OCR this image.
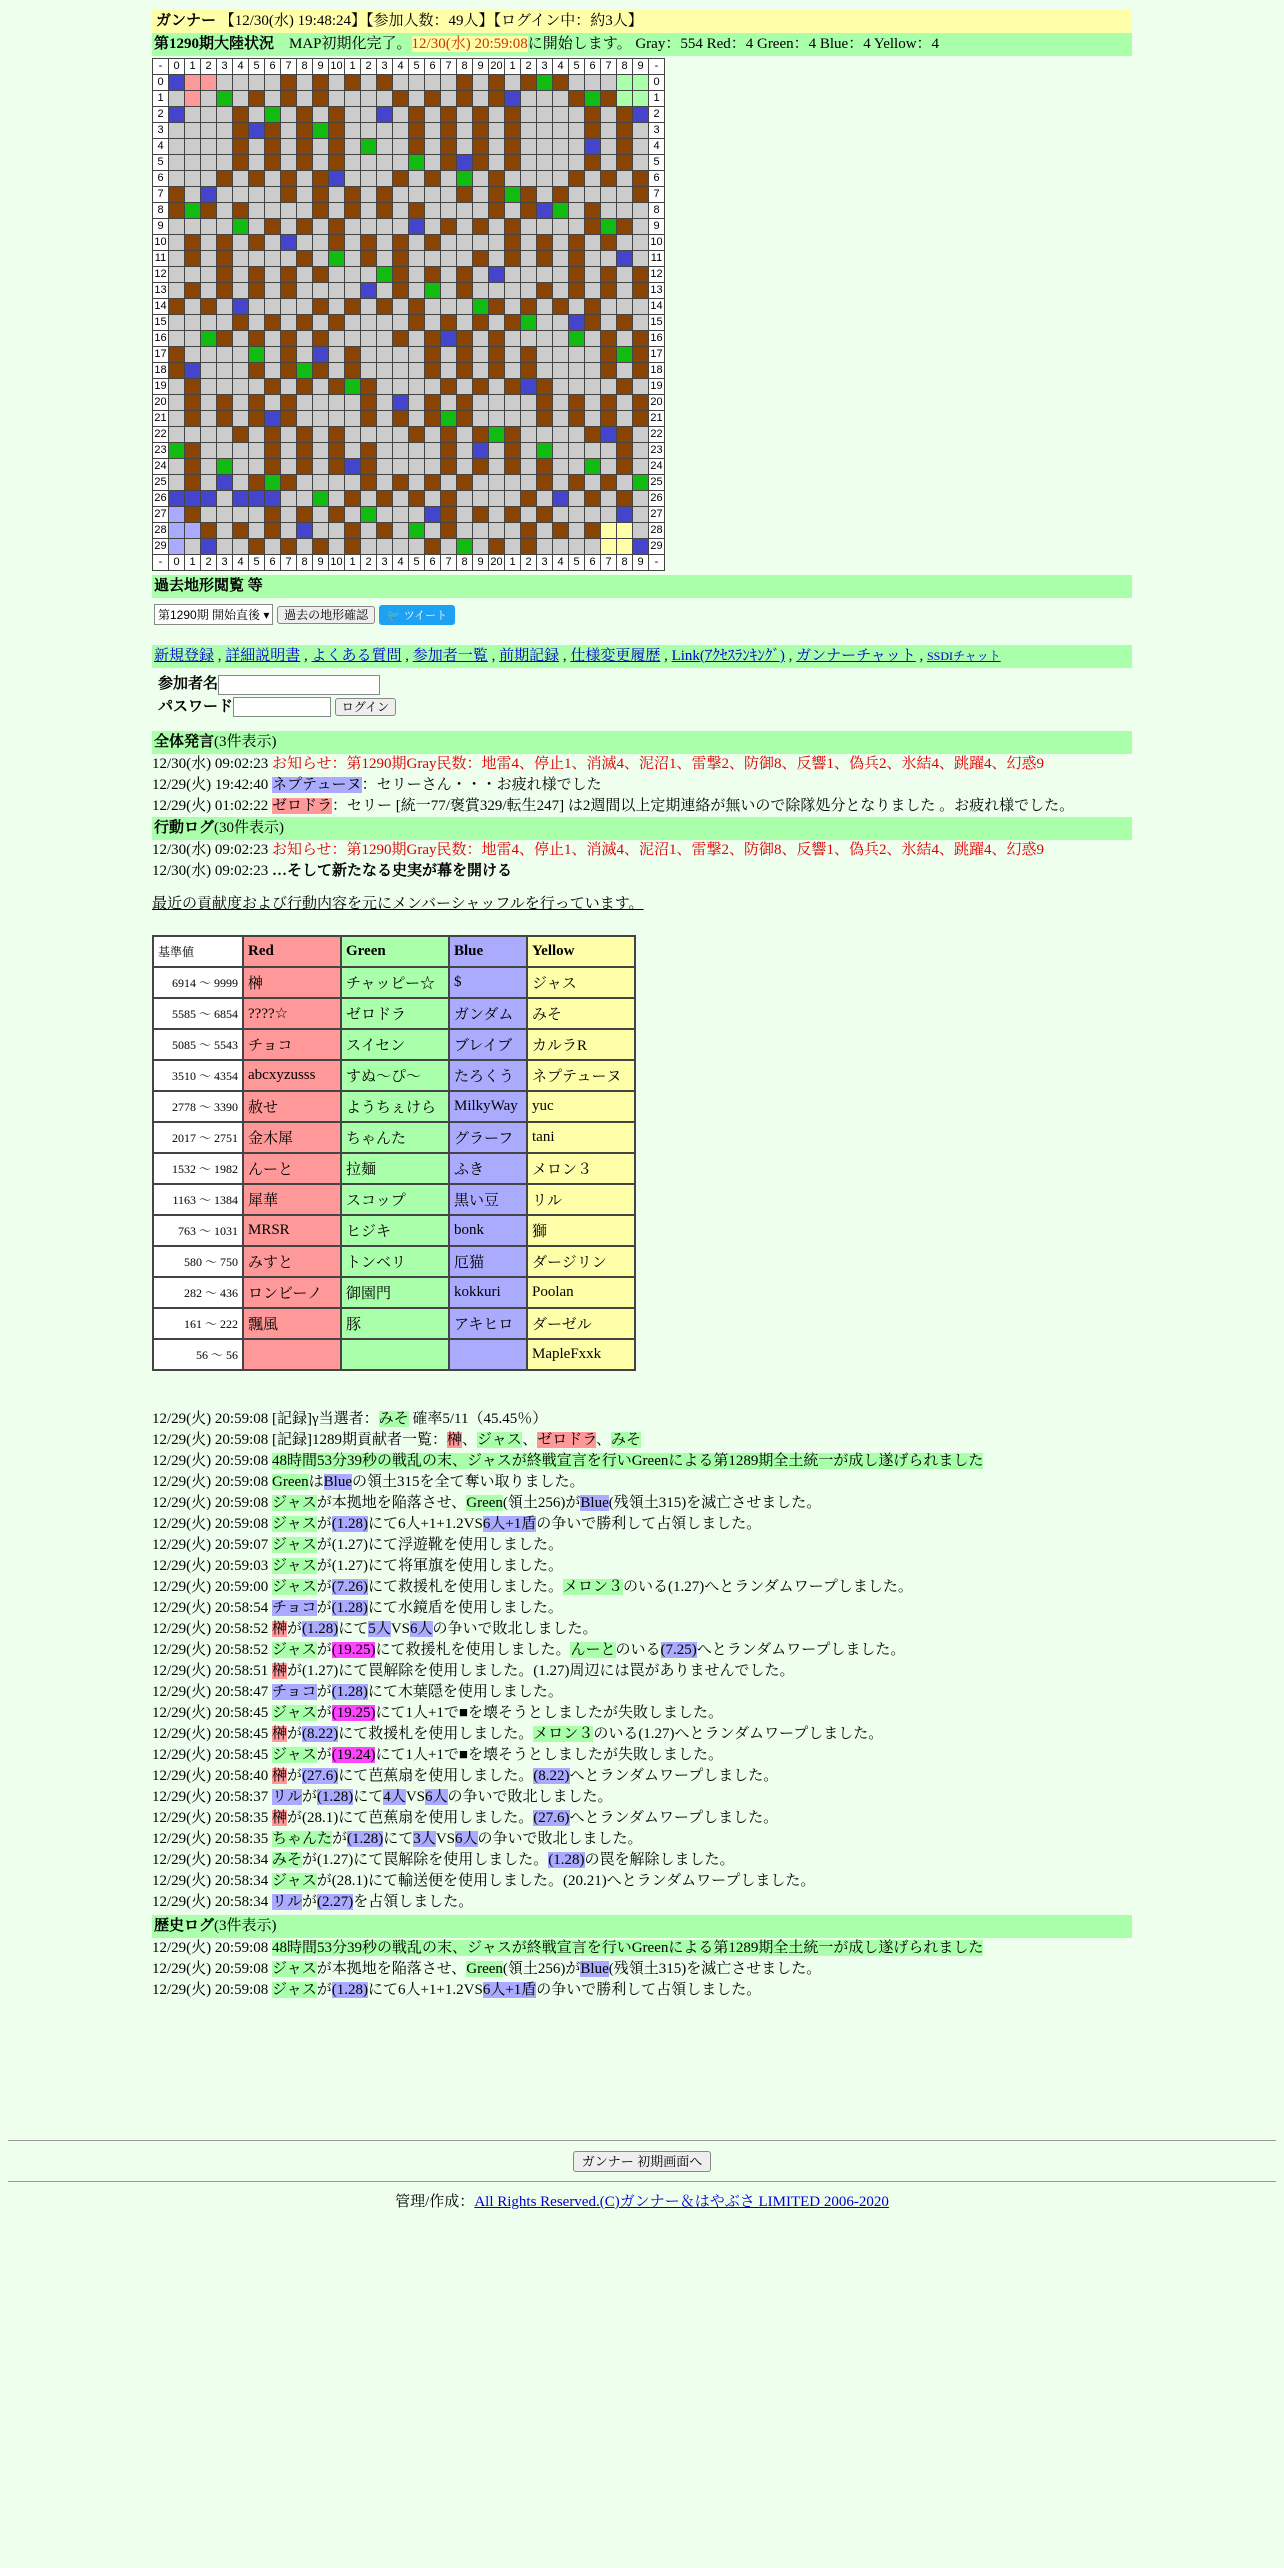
ガンナー 【12/30(水) 19:48:24】【参加人数：49人】【ログイン中：約3人】
第1290期大陸状況　MAP初期化完了。12/30(水) 20:59:08に開始します。 Gray：554 Red：4 Green：4 Blue：4 Yellow：4
-	0	1	2	3	4	5	6	7	8	9	10	1	2	3	4	5	6	7	8	9	20	1	2	3	4	5	6	7	8	9	-
0																															0
1																															1
2																															2
3																															3
4																															4
5																															5
6																															6
7																															7
8																															8
9																															9
10																															10
11																															11
12																															12
13																															13
14																															14
15																															15
16																															16
17																															17
18																															18
19																															19
20																															20
21																															21
22																															22
23																															23
24																															24
25																															25
26																															26
27																															27
28																															28
29																															29
-	0	1	2	3	4	5	6	7	8	9	10	1	2	3	4	5	6	7	8	9	20	1	2	3	4	5	6	7	8	9	-
過去地形閲覧 等
第1290期 開始直後 ▾ 過去の地形確認 🐦 ツイート
新規登録 , 詳細説明書 , よくある質問 , 参加者一覧 , 前期記録 , 仕様変更履歴 , Link(ｱｸｾｽﾗﾝｷﾝｸﾞ) , ガンナーチャット , SSDIチャット
参加者名
パスワード	ログイン
全体発言(3件表示)
12/30(水) 09:02:23 お知らせ：第1290期Gray民数：地雷4、停止1、消滅4、泥沼1、雷撃2、防御8、反響1、偽兵2、氷結4、跳躍4、幻惑9
12/29(火) 19:42:40 ネプテューヌ：セリーさん・・・お疲れ様でした
12/29(火) 01:02:22 ゼロドラ：セリー [統一77/褒賞329/転生247] は2週間以上定期連絡が無いので除隊処分となりました 。お疲れ様でした。
行動ログ(30件表示)
12/30(水) 09:02:23 お知らせ：第1290期Gray民数：地雷4、停止1、消滅4、泥沼1、雷撃2、防御8、反響1、偽兵2、氷結4、跳躍4、幻惑9
12/30(水) 09:02:23 …そして新たなる史実が幕を開ける
最近の貢献度および行動内容を元にメンバーシャッフルを行っています。
基準値	Red	Green	Blue	Yellow
6914 ～ 9999	榊	チャッピー☆	$	ジャス
5585 ～ 6854	????☆	ゼロドラ	ガンダム	みそ
5085 ～ 5543	チョコ	スイセン	ブレイブ	カルラR
3510 ～ 4354	abcxyzusss	すぬ～ぴ～	たろくう	ネプテューヌ
2778 ～ 3390	赦せ	ようちぇけら	MilkyWay	yuc
2017 ～ 2751	金木犀	ちゃんた	グラーフ	tani
1532 ～ 1982	んーと	拉麺	ふき	メロン３
1163 ～ 1384	犀華	スコップ	黒い豆	リル
763 ～ 1031	MRSR	ヒジキ	bonk	獅
580 ～ 750	みすと	トンベリ	厄猫	ダージリン
282 ～ 436	ロンビーノ	御園門	kokkuri	Poolan
161 ～ 222	飄風	豚	アキヒロ	ダーゼル
56 ～ 56				MapleFxxk
12/29(火) 20:59:08 [記録]γ当選者：みそ 確率5/11（45.45％）
12/29(火) 20:59:08 [記録]1289期貢献者一覧：榊、ジャス、ゼロドラ、みそ
12/29(火) 20:59:08 48時間53分39秒の戦乱の末、ジャスが終戦宣言を行いGreenによる第1289期全土統一が成し遂げられました
12/29(火) 20:59:08 GreenはBlueの領土315を全て奪い取りました。
12/29(火) 20:59:08 ジャスが本拠地を陥落させ、Green(領土256)がBlue(残領土315)を滅亡させました。
12/29(火) 20:59:08 ジャスが(1.28)にて6人+1+1.2VS6人+1盾の争いで勝利して占領しました。
12/29(火) 20:59:07 ジャスが(1.27)にて浮遊靴を使用しました。
12/29(火) 20:59:03 ジャスが(1.27)にて将軍旗を使用しました。
12/29(火) 20:59:00 ジャスが(7.26)にて救援札を使用しました。メロン３のいる(1.27)へとランダムワープしました。
12/29(火) 20:58:54 チョコが(1.28)にて水鏡盾を使用しました。
12/29(火) 20:58:52 榊が(1.28)にて5人VS6人の争いで敗北しました。
12/29(火) 20:58:52 ジャスが(19.25)にて救援札を使用しました。んーとのいる(7.25)へとランダムワープしました。
12/29(火) 20:58:51 榊が(1.27)にて罠解除を使用しました。(1.27)周辺には罠がありませんでした。
12/29(火) 20:58:47 チョコが(1.28)にて木葉隠を使用しました。
12/29(火) 20:58:45 ジャスが(19.25)にて1人+1で■を壊そうとしましたが失敗しました。
12/29(火) 20:58:45 榊が(8.22)にて救援札を使用しました。メロン３のいる(1.27)へとランダムワープしました。
12/29(火) 20:58:45 ジャスが(19.24)にて1人+1で■を壊そうとしましたが失敗しました。
12/29(火) 20:58:40 榊が(27.6)にて芭蕉扇を使用しました。(8.22)へとランダムワープしました。
12/29(火) 20:58:37 リルが(1.28)にて4人VS6人の争いで敗北しました。
12/29(火) 20:58:35 榊が(28.1)にて芭蕉扇を使用しました。(27.6)へとランダムワープしました。
12/29(火) 20:58:35 ちゃんたが(1.28)にて3人VS6人の争いで敗北しました。
12/29(火) 20:58:34 みそが(1.27)にて罠解除を使用しました。(1.28)の罠を解除しました。
12/29(火) 20:58:34 ジャスが(28.1)にて輸送便を使用しました。(20.21)へとランダムワープしました。
12/29(火) 20:58:34 リルが(2.27)を占領しました。
歴史ログ(3件表示)
12/29(火) 20:59:08 48時間53分39秒の戦乱の末、ジャスが終戦宣言を行いGreenによる第1289期全土統一が成し遂げられました
12/29(火) 20:59:08 ジャスが本拠地を陥落させ、Green(領土256)がBlue(残領土315)を滅亡させました。
12/29(火) 20:59:08 ジャスが(1.28)にて6人+1+1.2VS6人+1盾の争いで勝利して占領しました。
ガンナー 初期画面へ
管理/作成：All Rights Reserved.(C)ガンナー＆はやぶさ LIMITED 2006-2020
